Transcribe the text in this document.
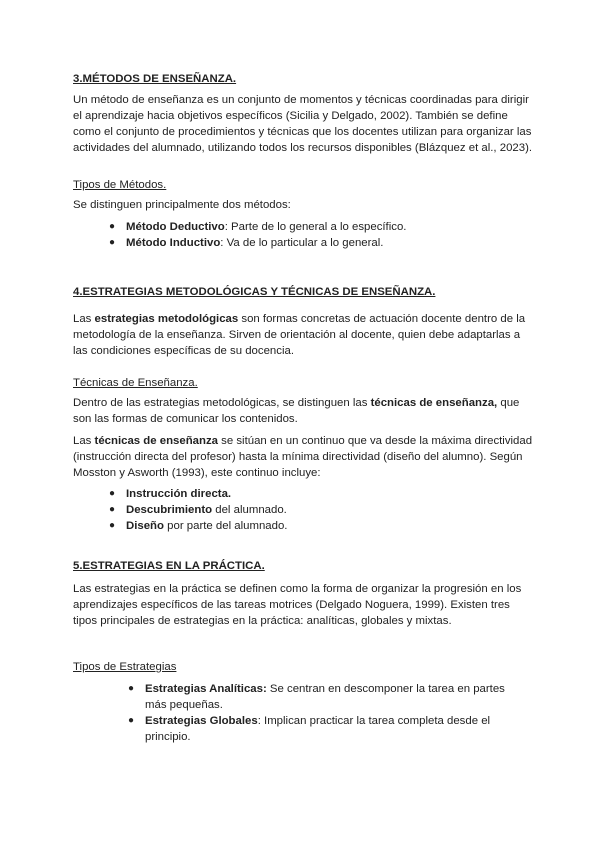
3.MÉTODOS DE ENSEÑANZA.

Un método de enseñanza es un conjunto de momentos y técnicas coordinadas para dirigir el aprendizaje hacia objetivos específicos (Sicilia y Delgado, 2002). También se define como el conjunto de procedimientos y técnicas que los docentes utilizan para organizar las actividades del alumnado, utilizando todos los recursos disponibles (Blázquez et al., 2023).

Tipos de Métodos.

Se distinguen principalmente dos métodos:

● Método Deductivo: Parte de lo general a lo específico.
● Método Inductivo: Va de lo particular a lo general.
4.ESTRATEGIAS METODOLÓGICAS Y TÉCNICAS DE ENSEÑANZA.

Las estrategias metodológicas son formas concretas de actuación docente dentro de la metodología de la enseñanza. Sirven de orientación al docente, quien debe adaptarlas a las condiciones específicas de su docencia.

Técnicas de Enseñanza.

Dentro de las estrategias metodológicas, se distinguen las técnicas de enseñanza, que son las formas de comunicar los contenidos.

Las técnicas de enseñanza se sitúan en un continuo que va desde la máxima directividad (instrucción directa del profesor) hasta la mínima directividad (diseño del alumno). Según Mosston y Asworth (1993), este continuo incluye:

● Instrucción directa.
● Descubrimiento del alumnado.
● Diseño por parte del alumnado.
5.ESTRATEGIAS EN LA PRÁCTICA.

Las estrategias en la práctica se definen como la forma de organizar la progresión en los aprendizajes específicos de las tareas motrices (Delgado Noguera, 1999). Existen tres tipos principales de estrategias en la práctica: analíticas, globales y mixtas.

Tipos de Estrategias
● Estrategias Analíticas: Se centran en descomponer la tarea en partes más pequeñas.
● Estrategias Globales: Implican practicar la tarea completa desde el principio.
